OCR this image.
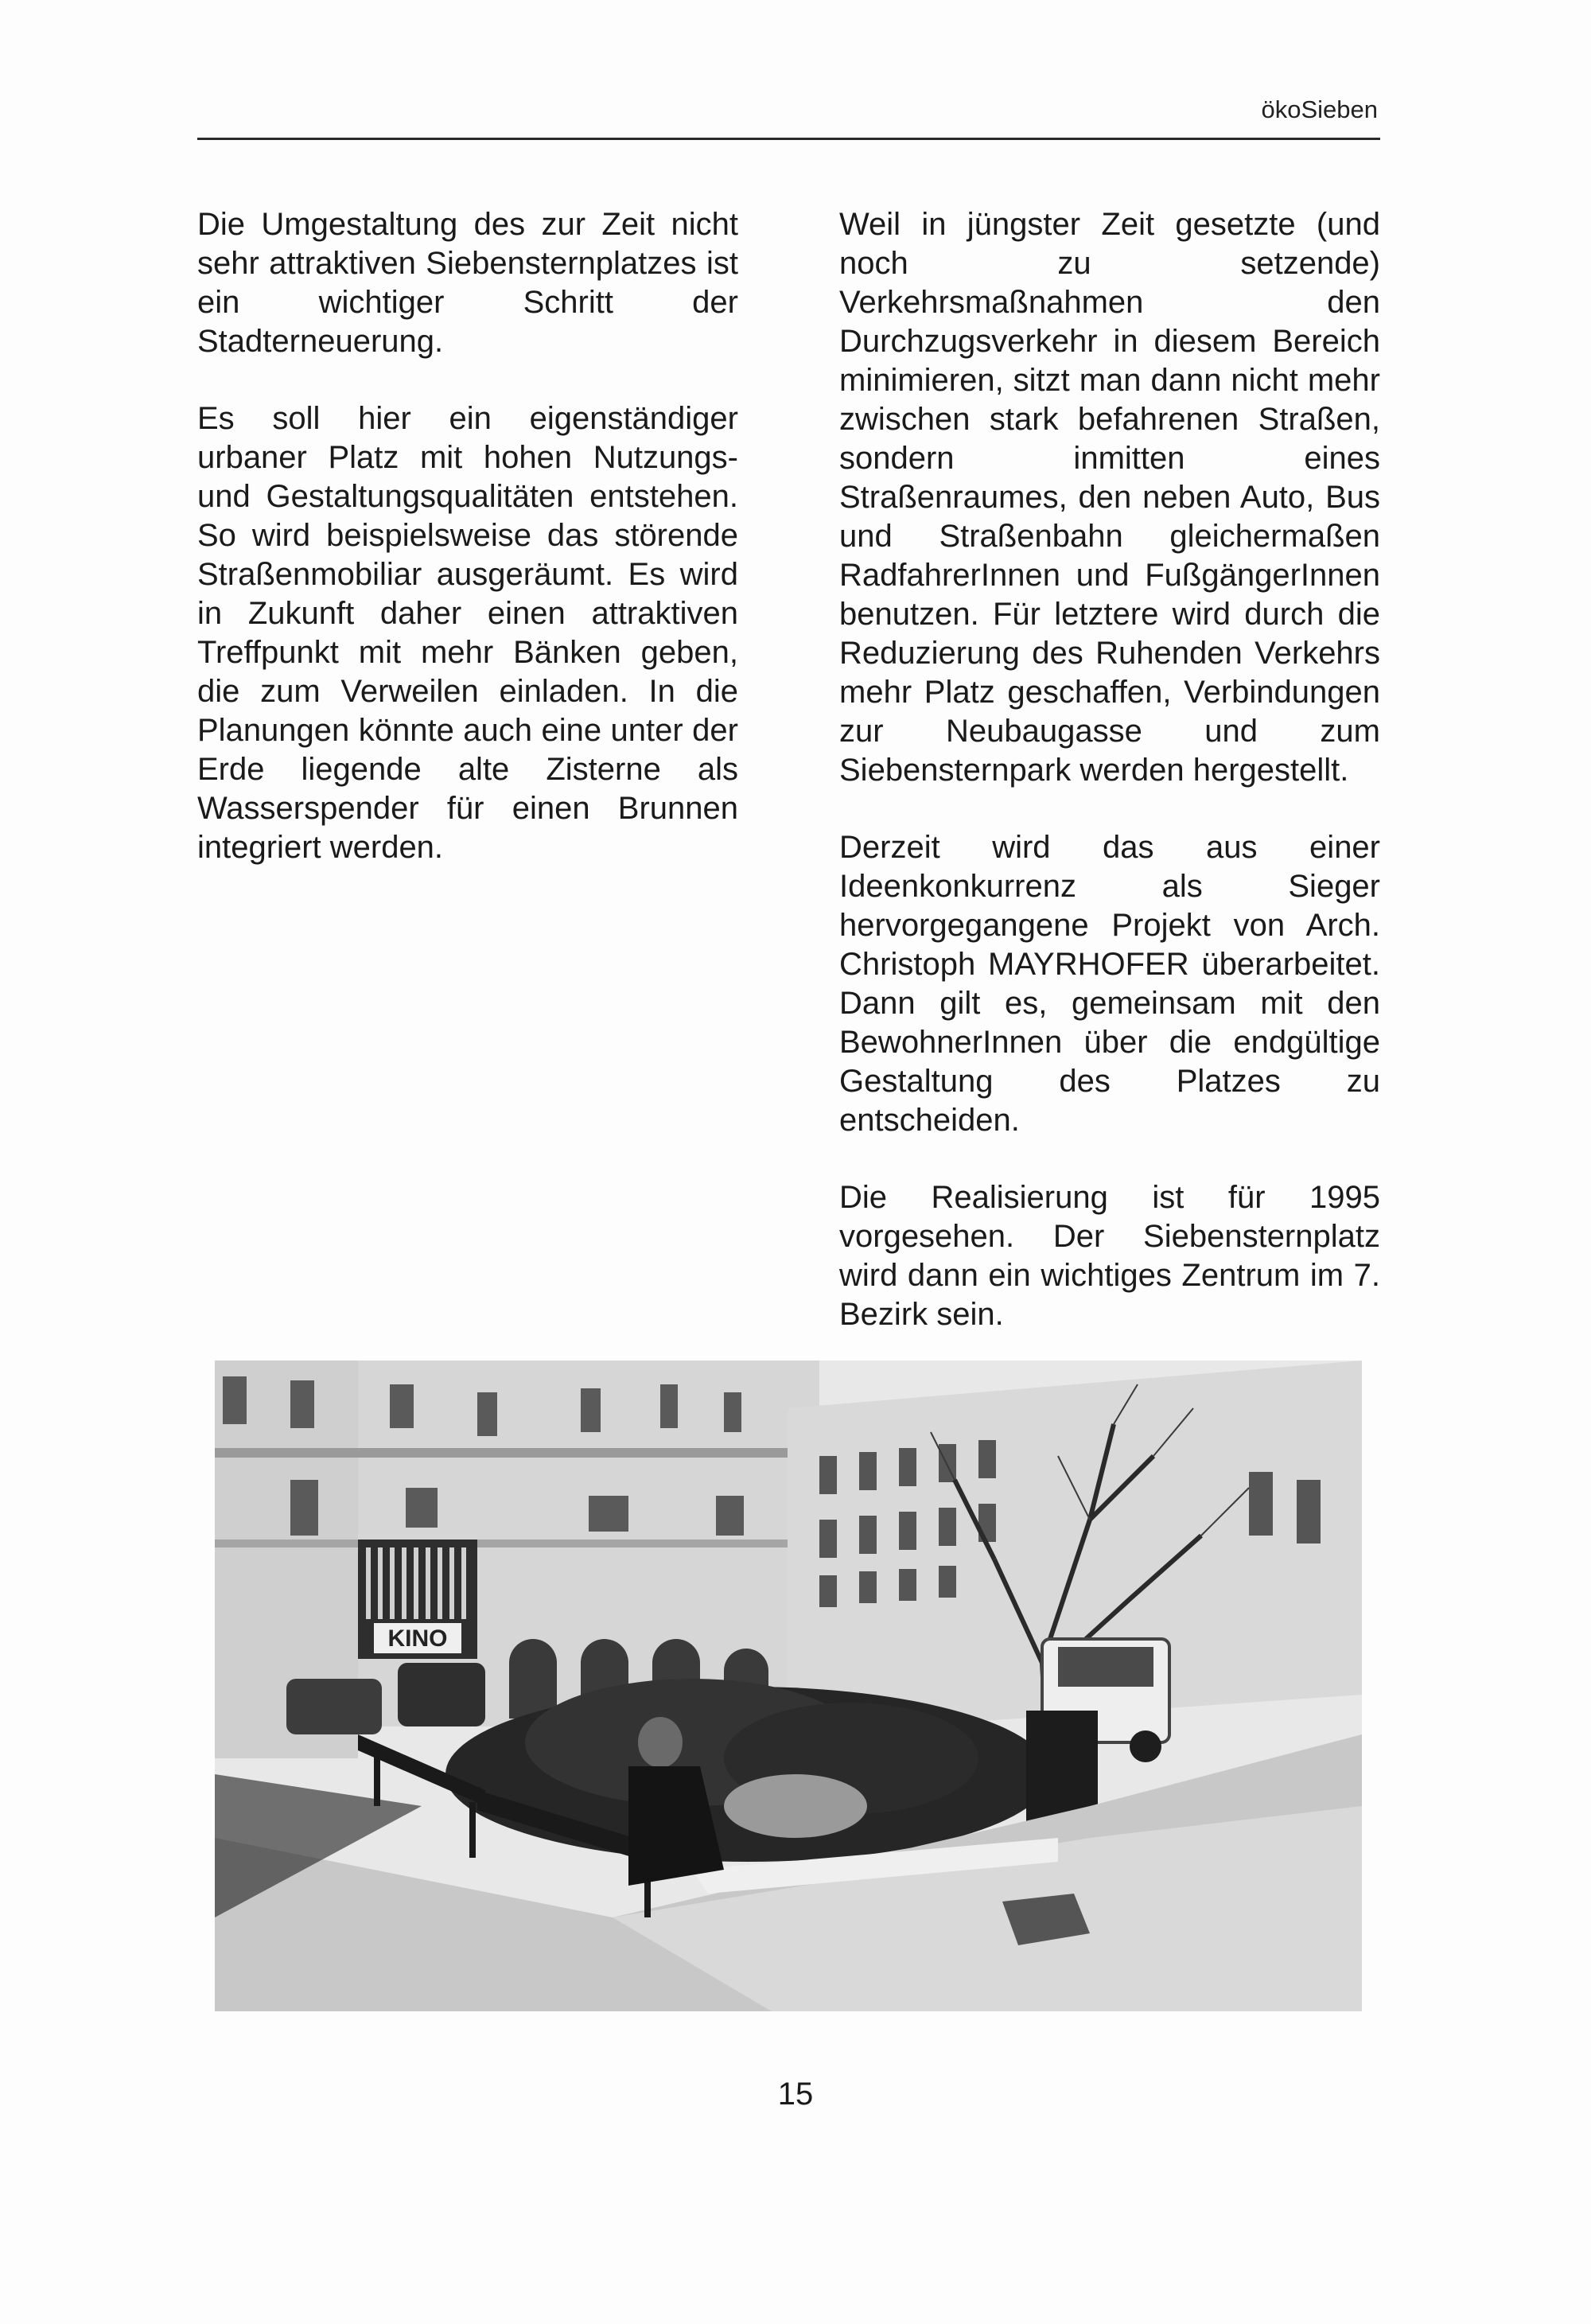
ökoSieben

Die Umgestaltung des zur Zeit nicht sehr attraktiven Siebensternplatzes ist ein wichtiger Schritt der Stadterneuerung.

Es soll hier ein eigenständiger urbaner Platz mit hohen Nutzungs- und Gestaltungsqualitäten entstehen. So wird beispielsweise das störende Straßenmobiliar ausgeräumt. Es wird in Zukunft daher einen attraktiven Treffpunkt mit mehr Bänken geben, die zum Verweilen einladen. In die Planungen könnte auch eine unter der Erde liegende alte Zisterne als Wasserspender für einen Brunnen integriert werden.

Weil in jüngster Zeit gesetzte (und noch zu setzende) Verkehrsmaßnahmen den Durchzugsverkehr in diesem Bereich minimieren, sitzt man dann nicht mehr zwischen stark befahrenen Straßen, sondern inmitten eines Straßenraumes, den neben Auto, Bus und Straßenbahn gleichermaßen RadfahrerInnen und FußgängerInnen benutzen. Für letztere wird durch die Reduzierung des Ruhenden Verkehrs mehr Platz geschaffen, Verbindungen zur Neubaugasse und zum Siebensternpark werden hergestellt.

Derzeit wird das aus einer Ideenkonkurrenz als Sieger hervorgegangene Projekt von Arch. Christoph MAYRHOFER überarbeitet. Dann gilt es, gemeinsam mit den BewohnerInnen über die endgültige Gestaltung des Platzes zu entscheiden.

Die Realisierung ist für 1995 vorgesehen. Der Siebensternplatz wird dann ein wichtiges Zentrum im 7. Bezirk sein.

KINO
15
